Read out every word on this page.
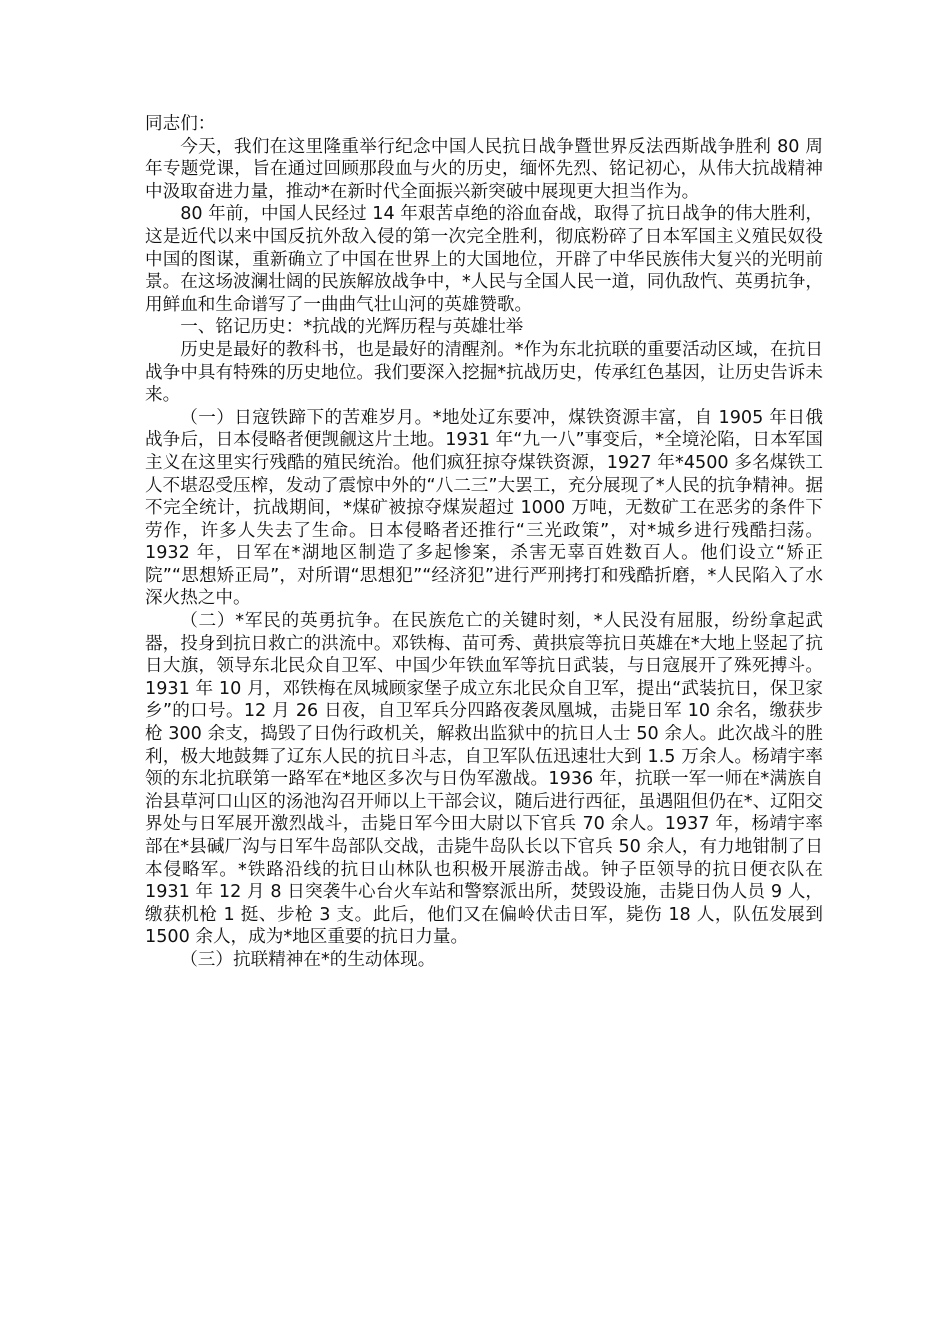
同志们：

今天，我们在这里隆重举行纪念中国人民抗日战争暨世界反法西斯战争胜利 80 周年专题党课，旨在通过回顾那段血与火的历史，缅怀先烈、铭记初心，从伟大抗战精神中汲取奋进力量，推动*在新时代全面振兴新突破中展现更大担当作为。

80 年前，中国人民经过 14 年艰苦卓绝的浴血奋战，取得了抗日战争的伟大胜利，这是近代以来中国反抗外敌入侵的第一次完全胜利，彻底粉碎了日本军国主义殖民奴役中国的图谋，重新确立了中国在世界上的大国地位，开辟了中华民族伟大复兴的光明前景。在这场波澜壮阔的民族解放战争中，*人民与全国人民一道，同仇敌忾、英勇抗争，用鲜血和生命谱写了一曲曲气壮山河的英雄赞歌。

一、铭记历史：*抗战的光辉历程与英雄壮举

历史是最好的教科书，也是最好的清醒剂。*作为东北抗联的重要活动区域，在抗日战争中具有特殊的历史地位。我们要深入挖掘*抗战历史，传承红色基因，让历史告诉未来。

（一）日寇铁蹄下的苦难岁月。*地处辽东要冲，煤铁资源丰富，自 1905 年日俄战争后，日本侵略者便觊觎这片土地。1931 年“九一八”事变后，*全境沦陷，日本军国主义在这里实行残酷的殖民统治。他们疯狂掠夺煤铁资源，1927 年*4500 多名煤铁工人不堪忍受压榨，发动了震惊中外的“八二三”大罢工，充分展现了*人民的抗争精神。据不完全统计，抗战期间，*煤矿被掠夺煤炭超过 1000 万吨，无数矿工在恶劣的条件下劳作，许多人失去了生命。日本侵略者还推行“三光政策”，对*城乡进行残酷扫荡。1932 年，日军在*湖地区制造了多起惨案，杀害无辜百姓数百人。他们设立“矫正院”“思想矫正局”，对所谓“思想犯”“经济犯”进行严刑拷打和残酷折磨，*人民陷入了水深火热之中。

（二）*军民的英勇抗争。在民族危亡的关键时刻，*人民没有屈服，纷纷拿起武器，投身到抗日救亡的洪流中。邓铁梅、苗可秀、黄拱宸等抗日英雄在*大地上竖起了抗日大旗，领导东北民众自卫军、中国少年铁血军等抗日武装，与日寇展开了殊死搏斗。1931 年 10 月，邓铁梅在凤城顾家堡子成立东北民众自卫军，提出“武装抗日，保卫家乡”的口号。12 月 26 日夜，自卫军兵分四路夜袭凤凰城，击毙日军 10 余名，缴获步枪 300 余支，捣毁了日伪行政机关，解救出监狱中的抗日人士 50 余人。此次战斗的胜利，极大地鼓舞了辽东人民的抗日斗志，自卫军队伍迅速壮大到 1.5 万余人。杨靖宇率领的东北抗联第一路军在*地区多次与日伪军激战。1936 年，抗联一军一师在*满族自治县草河口山区的汤池沟召开师以上干部会议，随后进行西征，虽遇阻但仍在*、辽阳交界处与日军展开激烈战斗，击毙日军今田大尉以下官兵 70 余人。1937 年，杨靖宇率部在*县碱厂沟与日军牛岛部队交战，击毙牛岛队长以下官兵 50 余人，有力地钳制了日本侵略军。*铁路沿线的抗日山林队也积极开展游击战。钟子臣领导的抗日便衣队在 1931 年 12 月 8 日突袭牛心台火车站和警察派出所，焚毁设施，击毙日伪人员 9 人，缴获机枪 1 挺、步枪 3 支。此后，他们又在偏岭伏击日军，毙伤 18 人，队伍发展到 1500 余人，成为*地区重要的抗日力量。

（三）抗联精神在*的生动体现。
